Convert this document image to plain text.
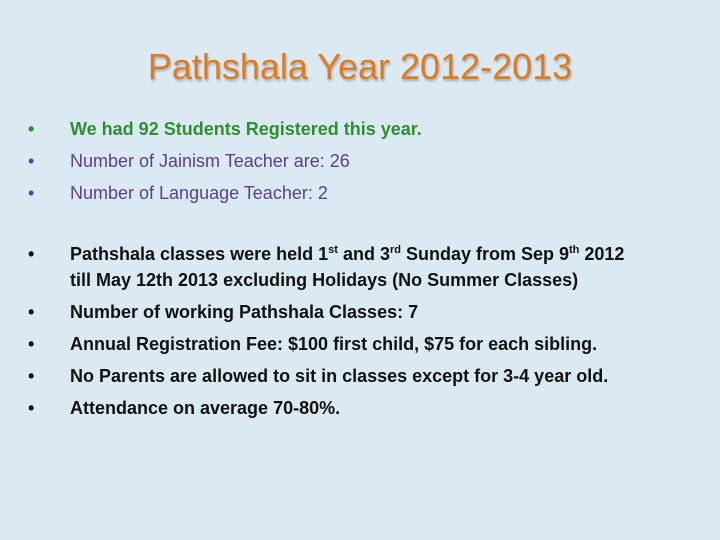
Pathshala Year 2012-2013
•	We had 92 Students Registered this year.
•	Number of Jainism Teacher are: 26
•	Number of Language Teacher: 2
•	Pathshala classes were held 1st and 3rd Sunday from Sep 9th 2012
till May 12th 2013 excluding Holidays (No Summer Classes)
•	Number of working Pathshala Classes: 7
•	Annual Registration Fee: $100 first child, $75 for each sibling.
•	No Parents are allowed to sit in classes except for 3-4 year old.
•	Attendance on average 70-80%.
